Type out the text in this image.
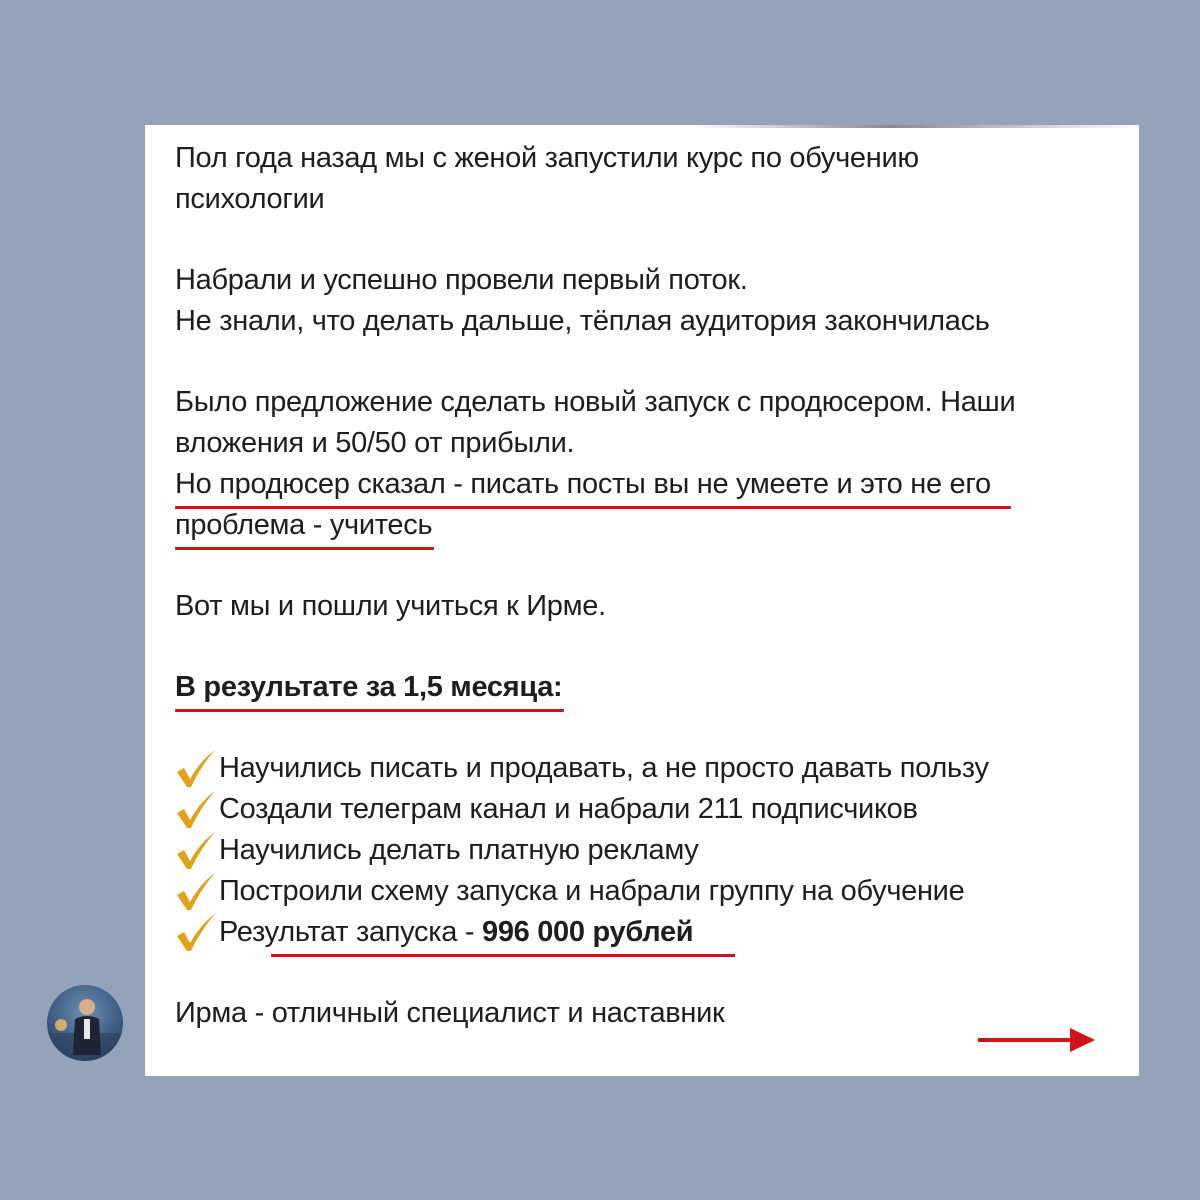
Пол года назад мы с женой запустили курс по обучению
психологии
Набрали и успешно провели первый поток.
Не знали, что делать дальше, тёплая аудитория закончилась
Было предложение сделать новый запуск с продюсером. Наши
вложения и 50/50 от прибыли.
Но продюсер сказал - писать посты вы не умеете и это не его
проблема - учитесь
Вот мы и пошли учиться к Ирме.
В результате за 1,5 месяца:
Научились писать и продавать, а не просто давать пользу
Создали телеграм канал и набрали 211 подписчиков
Научились делать платную рекламу
Построили схему запуска и набрали группу на обучение
Результат запуска - 996 000 рублей
Ирма - отличный специалист и наставник
